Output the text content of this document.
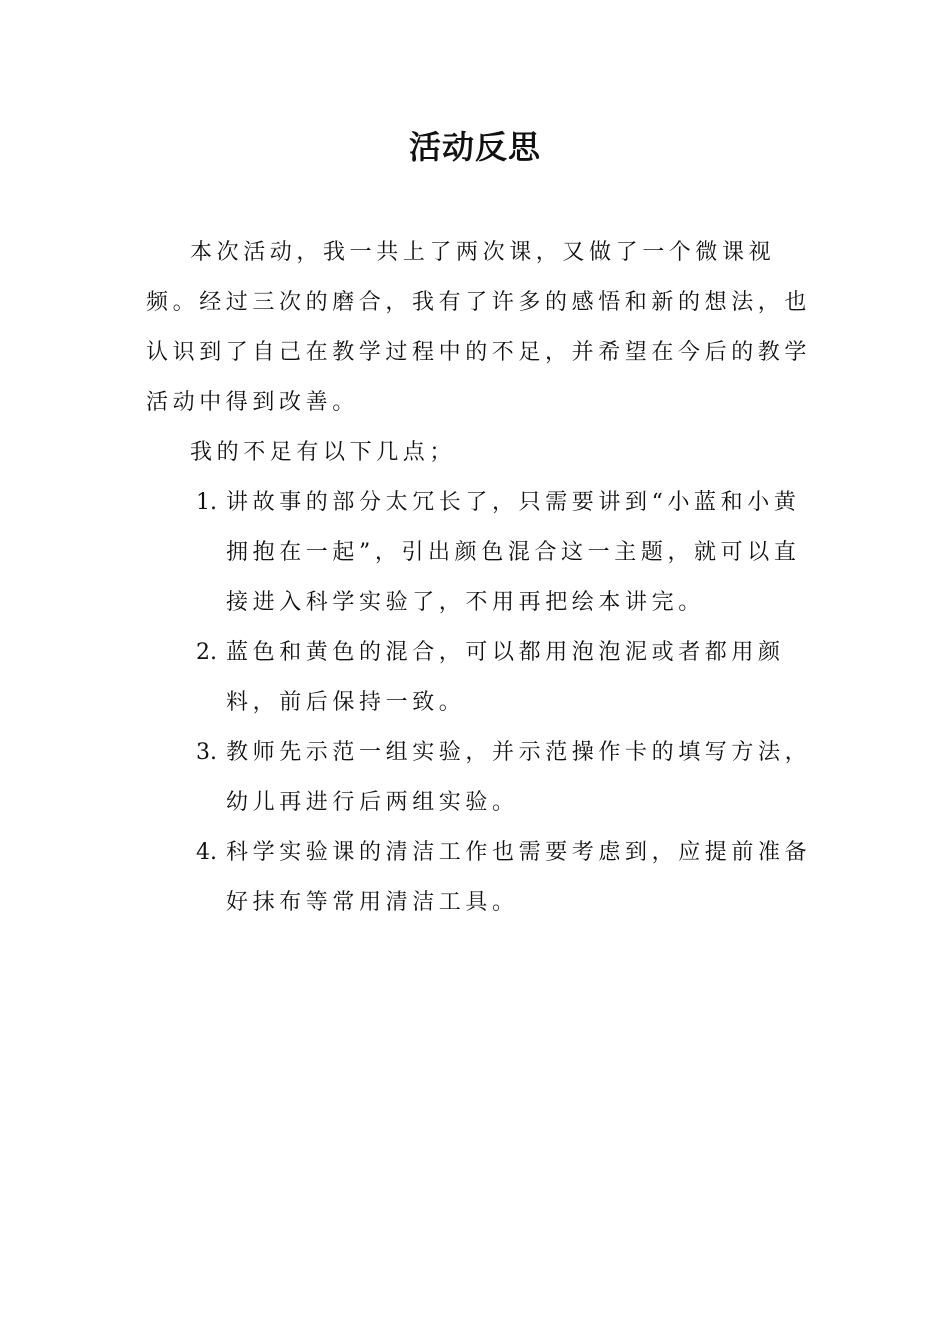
活动反思

本次活动，我一共上了两次课，又做了一个微课视频。经过三次的磨合，我有了许多的感悟和新的想法，也认识到了自己在教学过程中的不足，并希望在今后的教学活动中得到改善。

我的不足有以下几点；

1. 讲故事的部分太冗长了，只需要讲到“小蓝和小黄拥抱在一起”，引出颜色混合这一主题，就可以直接进入科学实验了，不用再把绘本讲完。
2. 蓝色和黄色的混合，可以都用泡泡泥或者都用颜料，前后保持一致。
3. 教师先示范一组实验，并示范操作卡的填写方法，幼儿再进行后两组实验。
4. 科学实验课的清洁工作也需要考虑到，应提前准备好抹布等常用清洁工具。
